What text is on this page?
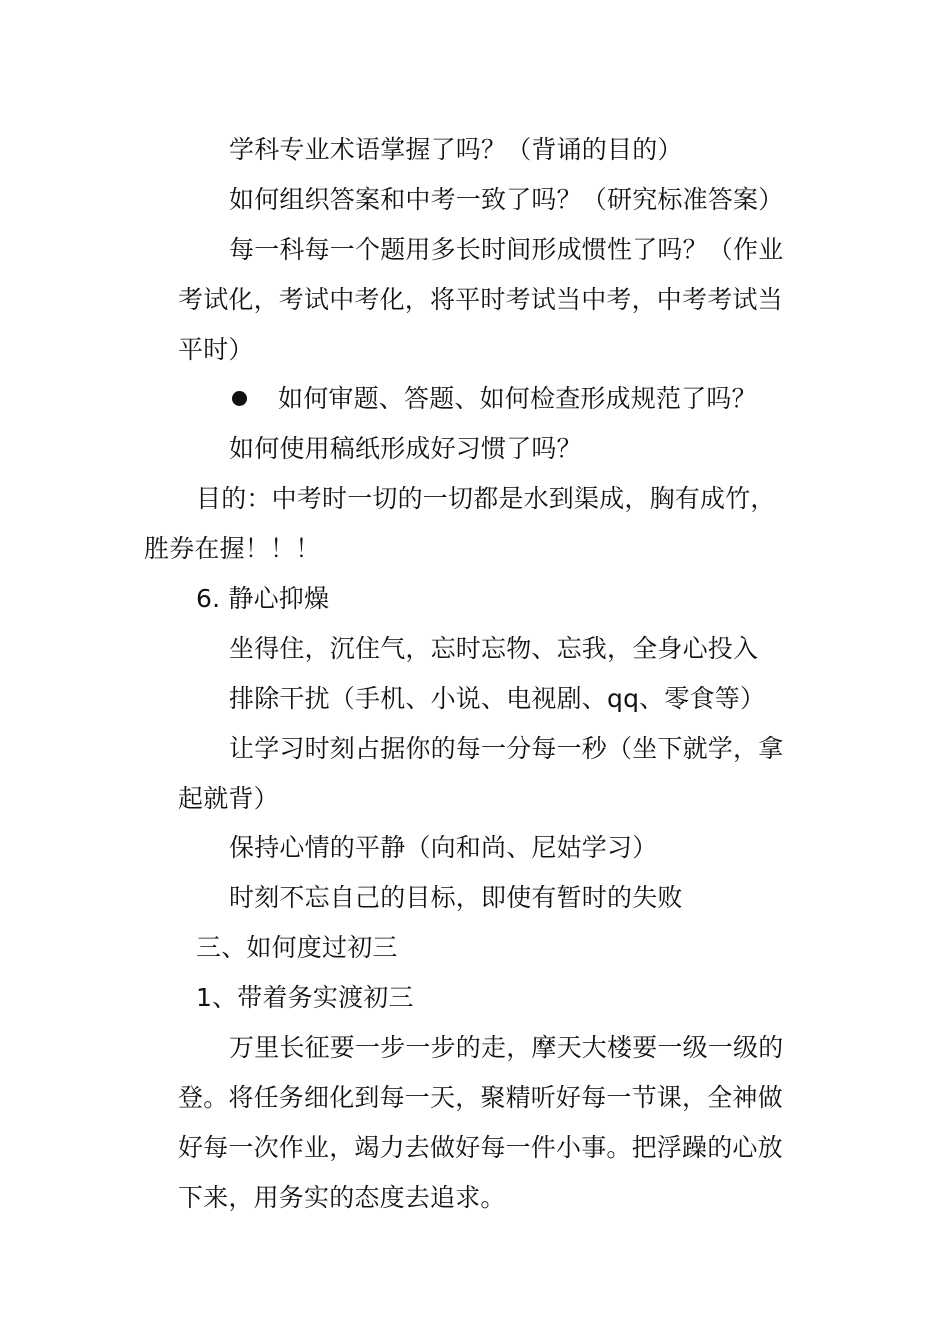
学科专业术语掌握了吗？（背诵的目的）
如何组织答案和中考一致了吗？（研究标准答案）
每一科每一个题用多长时间形成惯性了吗？（作业
考试化，考试中考化，将平时考试当中考，中考考试当
平时）
如何审题、答题、如何检查形成规范了吗？
如何使用稿纸形成好习惯了吗？
目的：中考时一切的一切都是水到渠成，胸有成竹，
胜券在握！！！
6. 静心抑燥
坐得住，沉住气，忘时忘物、忘我，全身心投入
排除干扰（手机、小说、电视剧、qq、零食等）
让学习时刻占据你的每一分每一秒（坐下就学，拿
起就背）
保持心情的平静（向和尚、尼姑学习）
时刻不忘自己的目标，即使有暂时的失败
三、如何度过初三
1、带着务实渡初三
万里长征要一步一步的走，摩天大楼要一级一级的
登。将任务细化到每一天，聚精听好每一节课，全神做
好每一次作业，竭力去做好每一件小事。把浮躁的心放
下来，用务实的态度去追求。
